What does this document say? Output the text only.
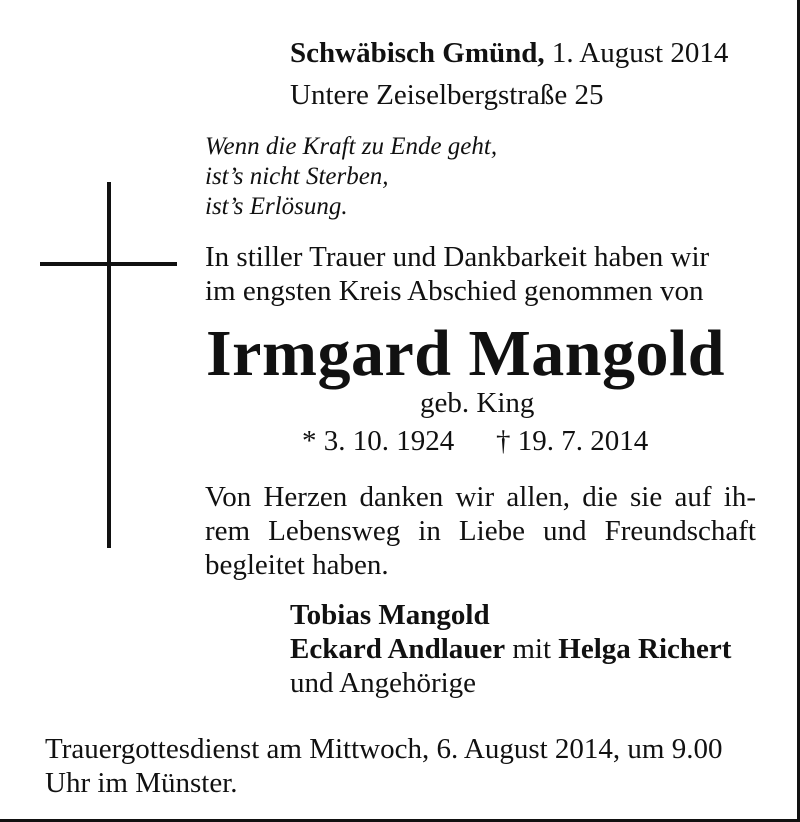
Schwäbisch Gmünd, 1. August 2014
Untere Zeiselbergstraße 25
Wenn die Kraft zu Ende geht,
ist’s nicht Sterben,
ist’s Erlösung.
In stiller Trauer und Dankbarkeit haben wir
im engsten Kreis Abschied genommen von
Irmgard Mangold
geb. King
* 3. 10. 1924 † 19. 7. 2014
Von Herzen danken wir allen, die sie auf ih-
rem Lebensweg in Liebe und Freundschaft
begleitet haben.
Tobias Mangold
Eckard Andlauer mit Helga Richert
und Angehörige
Trauergottesdienst am Mittwoch, 6. August 2014, um 9.00
Uhr im Münster.
